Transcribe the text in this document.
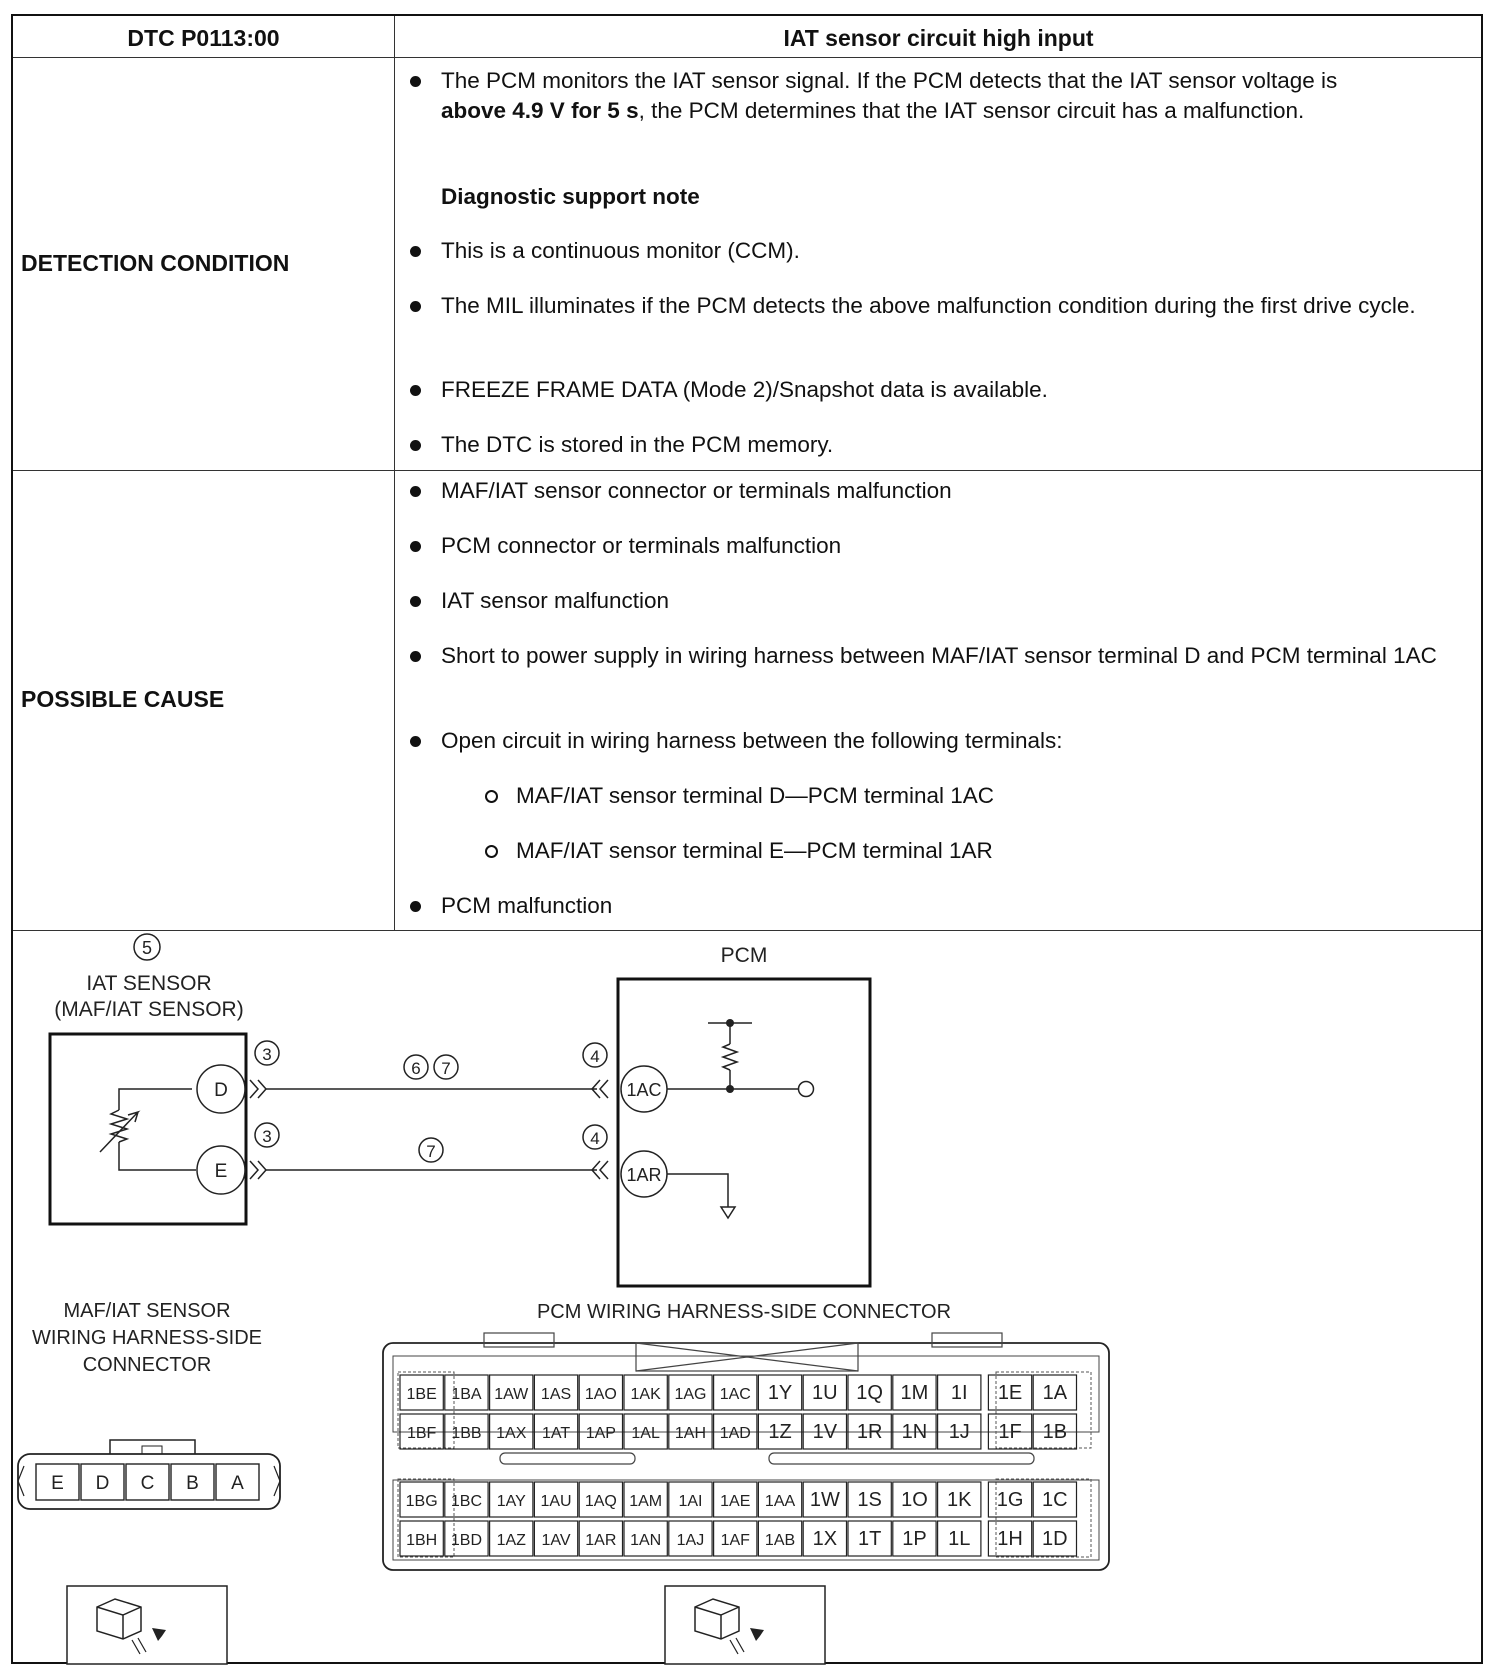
DTC P0113:00	IAT sensor circuit high input
DETECTION CONDITION
The PCM monitors the IAT sensor signal. If the PCM detects that the IAT sensor voltage is above 4.9 V for 5 s, the PCM determines that the IAT sensor circuit has a malfunction.
Diagnostic support note
This is a continuous monitor (CCM).
The MIL illuminates if the PCM detects the above malfunction condition during the first drive cycle.
FREEZE FRAME DATA (Mode 2)/Snapshot data is available.
The DTC is stored in the PCM memory.
POSSIBLE CAUSE
MAF/IAT sensor connector or terminals malfunction
PCM connector or terminals malfunction
IAT sensor malfunction
Short to power supply in wiring harness between MAF/IAT sensor terminal D and PCM terminal 1AC
Open circuit in wiring harness between the following terminals:
MAF/IAT sensor terminal D—PCM terminal 1AC
MAF/IAT sensor terminal E—PCM terminal 1AR
PCM malfunction
5
IAT SENSOR
(MAF/IAT SENSOR)
D
E
3
3
6 7
7
4
4
PCM
1AC
1AR
MAF/IAT SENSOR
WIRING HARNESS-SIDE
CONNECTOR
E D C B A
PCM WIRING HARNESS-SIDE CONNECTOR
1BE 1BA 1AW 1AS 1AO 1AK 1AG 1AC 1Y 1U 1Q 1M 1I 1E 1A
1BF 1BB 1AX 1AT 1AP 1AL 1AH 1AD 1Z 1V 1R 1N 1J 1F 1B
1BG 1BC 1AY 1AU 1AQ 1AM 1AI 1AE 1AA 1W 1S 1O 1K 1G 1C
1BH 1BD 1AZ 1AV 1AR 1AN 1AJ 1AF 1AB 1X 1T 1P 1L 1H 1D
